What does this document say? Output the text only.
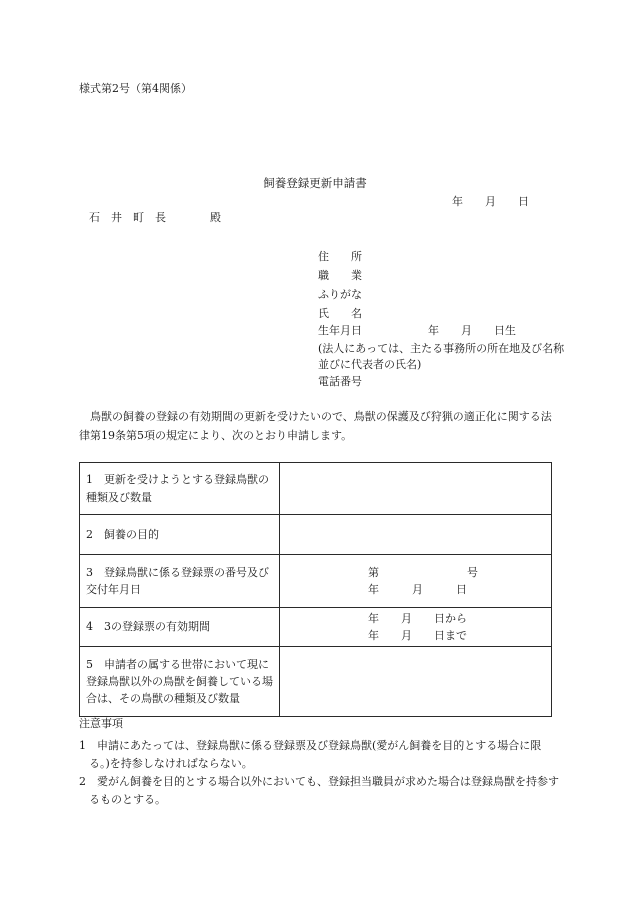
様式第2号（第4関係）
飼養登録更新申請書
年　　月　　日
石　井　町　長　　　　殿
住　　所
職　　業
ふりがな
氏　　名
生年月日　　　　　　年　　月　　日生
(法人にあっては、主たる事務所の所在地及び名称並びに代表者の氏名)
電話番号
鳥獣の飼養の登録の有効期間の更新を受けたいので、鳥獣の保護及び狩猟の適正化に関する法律第19条第5項の規定により、次のとおり申請します。
1　更新を受けようとする登録鳥獣の種類及び数量	
2　飼養の目的	
3　登録鳥獣に係る登録票の番号及び交付年月日	第　　　　　　　　号
年　　　月　　　日

4　3の登録票の有効期間	年　　月　　日から
年　　月　　日まで

5　申請者の属する世帯において現に登録鳥獣以外の鳥獣を飼養している場合は、その鳥獣の種類及び数量	
注意事項
1　申請にあたっては、登録鳥獣に係る登録票及び登録鳥獣(愛がん飼養を目的とする場合に限る。)を持参しなければならない。
2　愛がん飼養を目的とする場合以外においても、登録担当職員が求めた場合は登録鳥獣を持参するものとする。
